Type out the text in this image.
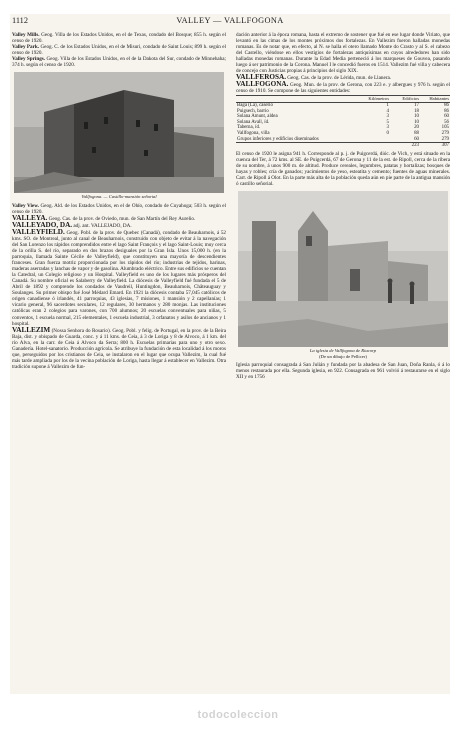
1112	VALLEY — VALLFOGONA

Valley Mills. Geog. Villa de los Estados Unidos, en el de Texas, condado del Bosque; 855 h. según el censo de 1920.

Valley Park. Geog. C. de los Estados Unidos, en el de Misuri, condado de Saint Louis; 899 h. según el censo de 1920.

Valley Springs. Geog. Villa de los Estados Unidos, en el de la Dakota del Sur, condado de Minnehaha; 374 h. según el censo de 1920.

Vallfogona. — Castillo-mansión señorial

Valley View. Geog. Ald. de los Estados Unidos, en el de Ohío, condado de Cuyahoga; 503 h. según el censo de 1920.

VALLEYA. Geog. Cas. de la prov. de Oviedo, mun. de San Martín del Rey Aurelio.

VALLEYADO, DA. adj. ant. VALLEJADO, DA.

VALLEYFIELD. Geog. Pobl. de la prov. de Quebec (Canadá), condado de Beauharnois, á 52 kms. SO. de Montreal, junto al canal de Beauharnois, construido con objeto de evitar á la navegación del San Lorenzo los rápidos comprendidos entre el lago Saint François y el lago Saint-Louis; muy cerca de la orilla S. del río, separado en dos brazos desiguales por la Gran Isla. Unos 15,000 h. (en la parroquia, llamada Sainte Cécile de Valleyfield), que constituyen una mayoría de descendientes franceses. Gran fuerza motriz proporcionada por los rápidos del río; industrias de tejidos, harinas, maderas aserradas y lanchas de vapor y de gasolina. Alumbrado eléctrico. Entre sus edificios se cuentan la Catedral, un Colegio religioso y un Hospital. Valleyfield es uno de los lugares más prósperos del Canadá. Su nombre oficial es Salaberry de Valleyfield. La diócesis de Valleyfield fué fundada el 5 de Abril de 1892 y comprende los condados de Vaudreil, Huntingdon, Beauharnois, Châteauguay y Soulanges. Su primer obispo fué José Médard Emard. En 1921 la diócesis contaba 57,045 católicos de origen canadiense ó irlandés, 41 parroquias, 43 iglesias, 7 misiones, 1 mansión y 2 capellanías; 1 vicario general, 96 sacerdotes seculares, 12 regulares, 30 hermanos y 280 monjas. Las instituciones católicas eran 2 colegios para varones, con 700 alumnos; 20 escuelas conventuales para niñas, 5 conventos, 1 escuela normal, 215 elementales, 1 escuela industrial, 3 orfanatos y asilos de ancianos y 1 hospital.

VALLEZIM (Nossa Senhora do Rosario). Geog. Pobl. y felig. de Portugal, en la prov. de la Beira Baja, dist. y obispado de Guarda, conc. y á 11 kms. de Ceia, á 3 de Loriga y 8 de Alvoco, á 1 km. del río Alva, en la carr. de Ceia á Alvoco da Serra; 800 h. Escuelas primarias para uno y otro sexo. Ganadería. Hotel-sanatorio. Producción agrícola. Se atribuye la fundación de esta localidad á los moros que, perseguidos por los cristianos de Ceia, se instalaron en el lugar que ocupa Vallezim, la cual fué más tarde ampliada por los de la vecina población de Loriga, hasta llegar á establecer en Vallezim. Otra tradición supone á Vallezim de fun-

dación anterior á la época romana, hasta el extremo de sostener que fué en ese lugar donde Viriato, que levantó en las cimas de los montes próximos dos fortalezas. En Vallezim fueron halladas monedas romanas. Es de notar que, en efecto, al N. se halla el otero llamado Monte do Crasto y al S. el cabezo del Castello, viéndose en ellos vestigios de fortalezas antiquísimas en cuyos alrededores han sido halladas monedas romanas. Durante la Edad Media perteneció á los marqueses de Gouvea, pasando luego á ser patrimonio de la Corona. Manuel I le concedió fueros en 1514. Vallezim fué villa y cabecera de concejo con Justicias propias á principios del siglo XIX.

VALLFEROSA. Geog. Cas. de la prov. de Lérida, mun. de Llanera.

VALLFOGONA. Geog. Mun. de la prov. de Gerona, con 223 e. y albergues y 976 h. según el censo de 1910. Se compone de las siguientes entidades:

	Kilómetros	Edificios	Habitantes
Baga (La), caserío	1	17	86
Puigsech, barrio	4	18	86
Solana Amunt, aldea	3	10	60
Solana Avall, íd.	5	10	56
Taberna, íd.	3	20	105
Vallfogona, villa	0	88	279
Grupos inferiores y edificios diseminados		60	279
		223	307

El censo de 1920 le asigna 941 h. Corresponde al p. j. de Puigcerdá, dióc. de Vich, y está situado en la cuenca del Ter, á 72 kms. al SE. de Puigcerdá, 67 de Gerona y 11 de la est. de Ripoll, cerca de la ribera de su nombre, á unos 900 m. de altitud. Produce cereales, legumbres, patatas y hortalizas; bosques de hayas y robles; cría de ganados; yacimientos de yeso, esteatita y cemento; fuentes de aguas minerales. Carr. de Ripoll á Olot. En la parte más alta de la población queda aún en pie parte de la antigua mansión ó castillo señorial.

La iglesia de Vallfogona de Riucorp
(De un dibujo de Pellicer)

Iglesia parroquial consagrada á San Julián y fundada por la abadesa de San Juan, Doña Ranla, ó á lo menos restaurada por ella. Segunda iglesia, en 922. Consagrada en 961 volvió á restaurarse en el siglo XII y en 1756

todocoleccion
